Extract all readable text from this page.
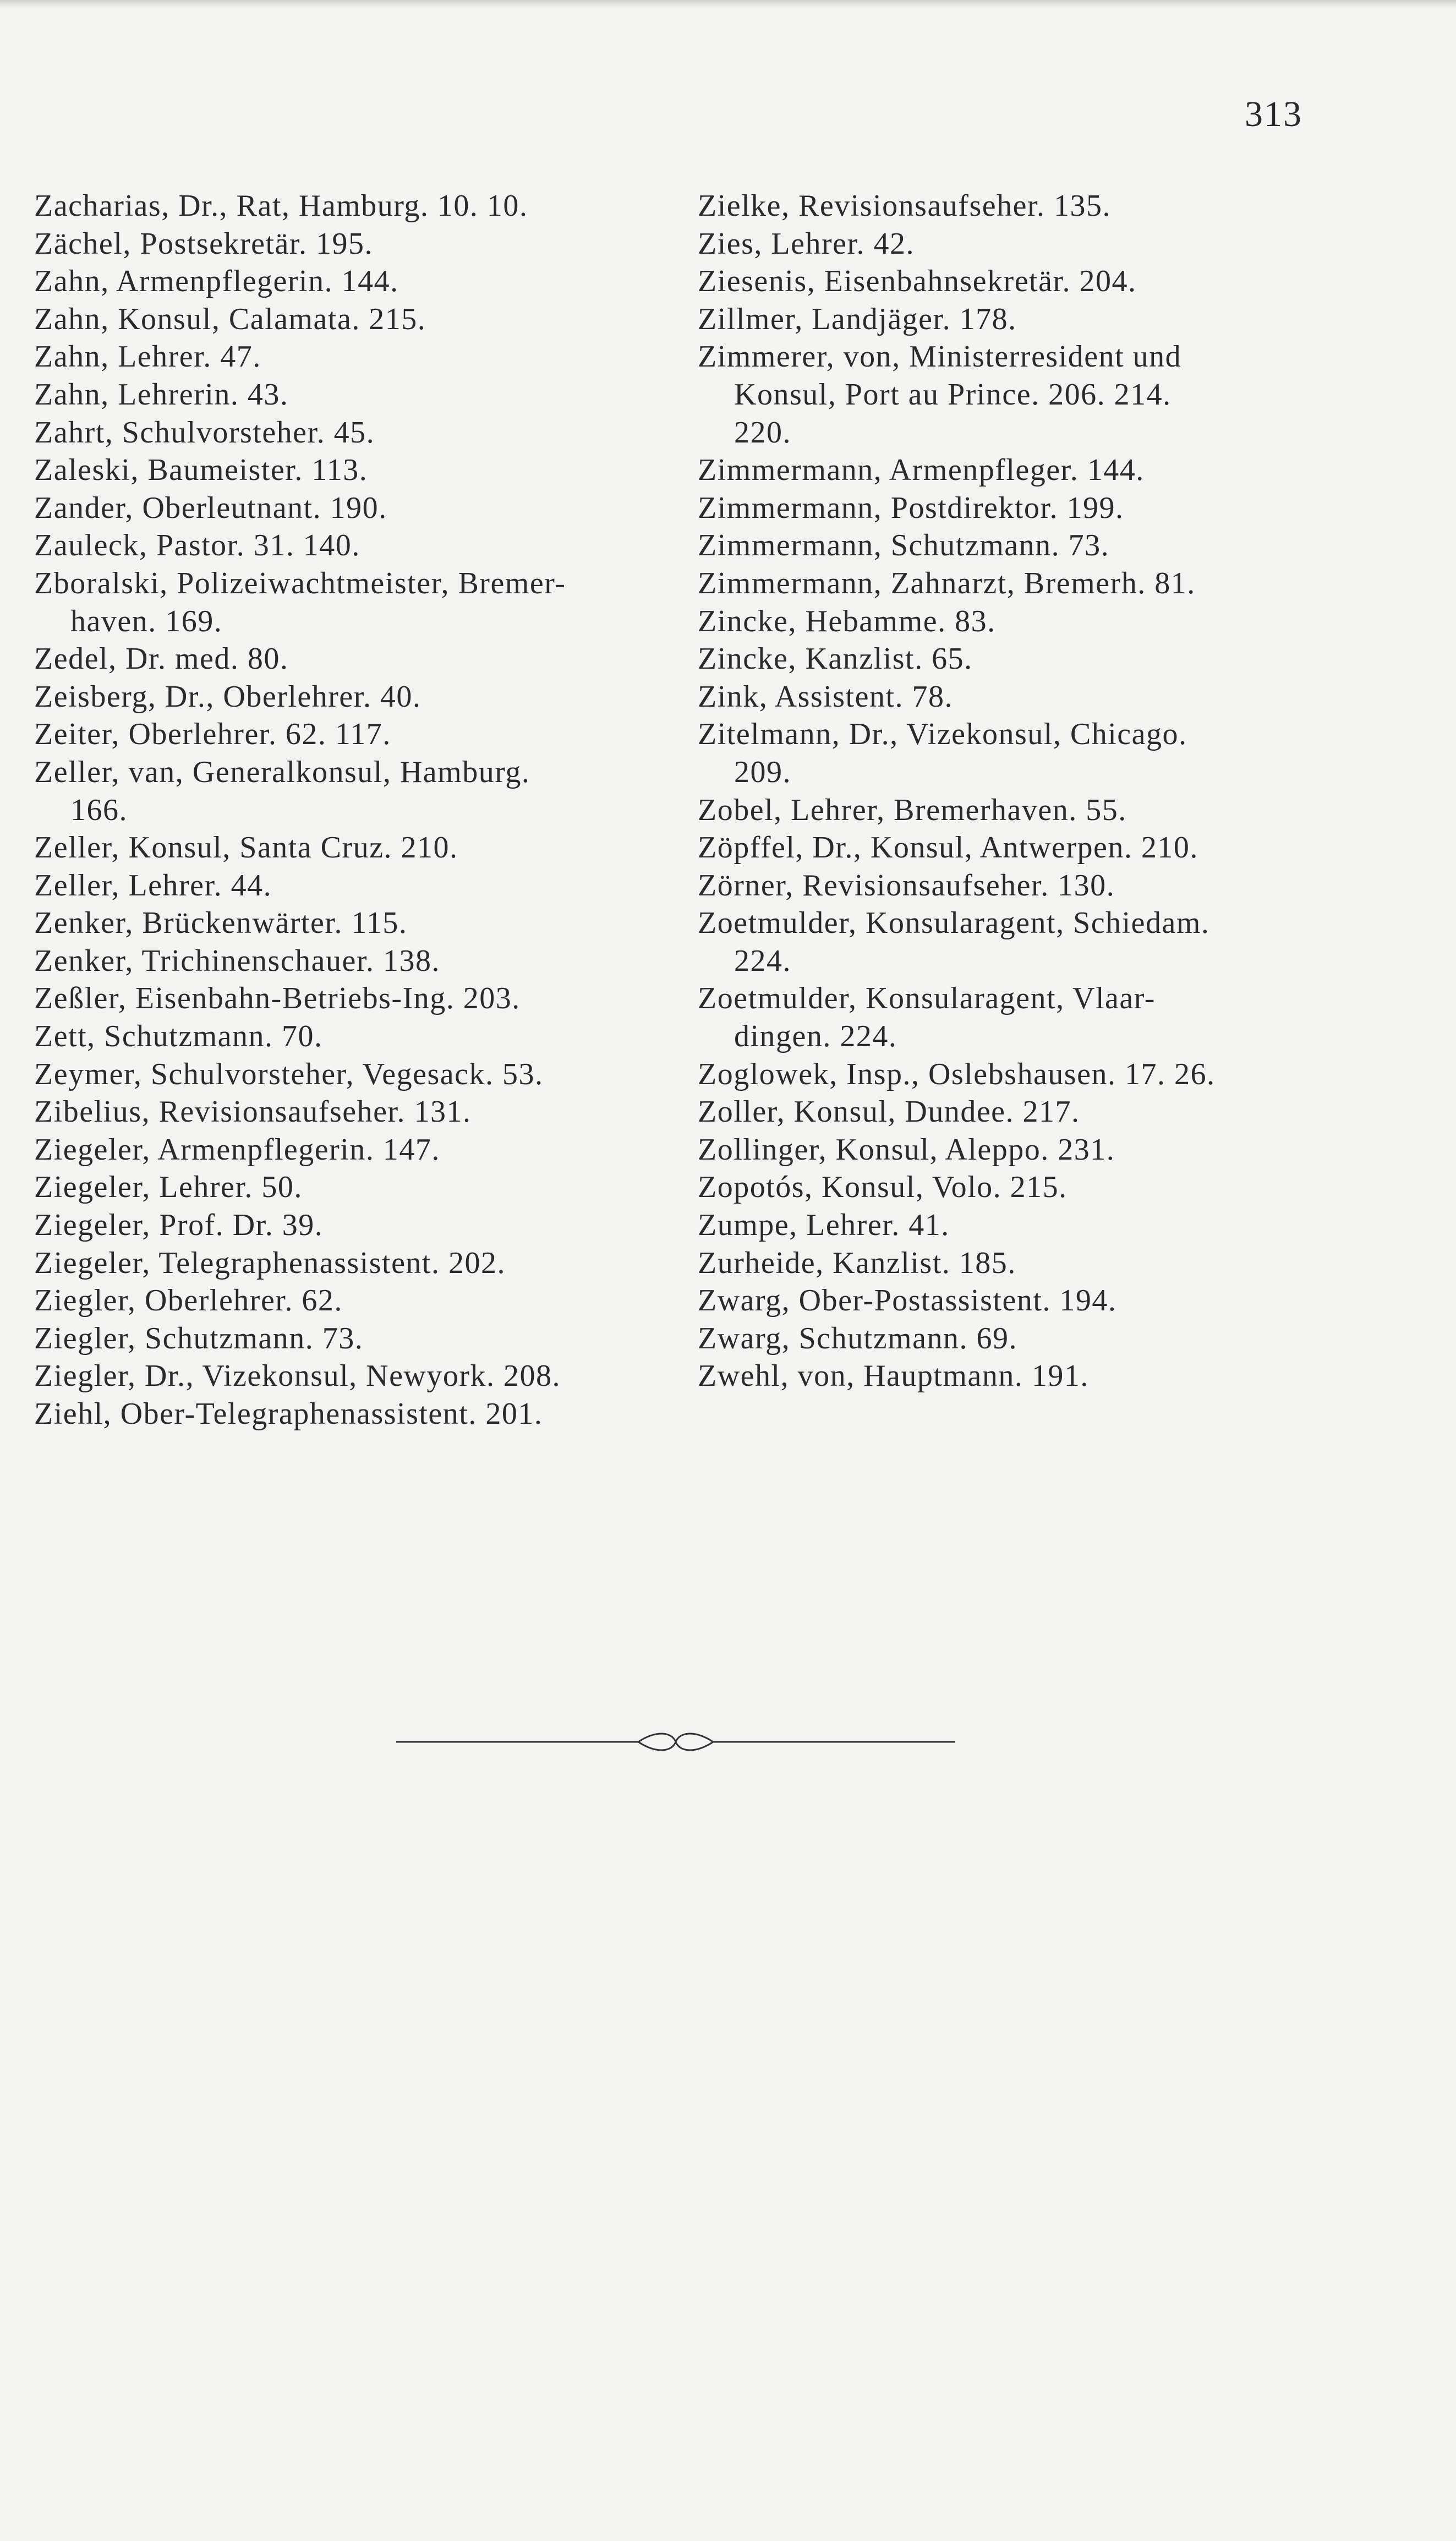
313
Zacharias, Dr., Rat, Hamburg. 10. 10.
Zächel, Postsekretär. 195.
Zahn, Armenpflegerin. 144.
Zahn, Konsul, Calamata. 215.
Zahn, Lehrer. 47.
Zahn, Lehrerin. 43.
Zahrt, Schulvorsteher. 45.
Zaleski, Baumeister. 113.
Zander, Oberleutnant. 190.
Zauleck, Pastor. 31. 140.
Zboralski, Polizeiwachtmeister, Bremer-
haven. 169.
Zedel, Dr. med. 80.
Zeisberg, Dr., Oberlehrer. 40.
Zeiter, Oberlehrer. 62. 117.
Zeller, van, Generalkonsul, Hamburg.
166.
Zeller, Konsul, Santa Cruz. 210.
Zeller, Lehrer. 44.
Zenker, Brückenwärter. 115.
Zenker, Trichinenschauer. 138.
Zeßler, Eisenbahn-Betriebs-Ing. 203.
Zett, Schutzmann. 70.
Zeymer, Schulvorsteher, Vegesack. 53.
Zibelius, Revisionsaufseher. 131.
Ziegeler, Armenpflegerin. 147.
Ziegeler, Lehrer. 50.
Ziegeler, Prof. Dr. 39.
Ziegeler, Telegraphenassistent. 202.
Ziegler, Oberlehrer. 62.
Ziegler, Schutzmann. 73.
Ziegler, Dr., Vizekonsul, Newyork. 208.
Ziehl, Ober-Telegraphenassistent. 201.
Zielke, Revisionsaufseher. 135.
Zies, Lehrer. 42.
Ziesenis, Eisenbahnsekretär. 204.
Zillmer, Landjäger. 178.
Zimmerer, von, Ministerresident und
Konsul, Port au Prince. 206. 214.
220.
Zimmermann, Armenpfleger. 144.
Zimmermann, Postdirektor. 199.
Zimmermann, Schutzmann. 73.
Zimmermann, Zahnarzt, Bremerh. 81.
Zincke, Hebamme. 83.
Zincke, Kanzlist. 65.
Zink, Assistent. 78.
Zitelmann, Dr., Vizekonsul, Chicago.
209.
Zobel, Lehrer, Bremerhaven. 55.
Zöpffel, Dr., Konsul, Antwerpen. 210.
Zörner, Revisionsaufseher. 130.
Zoetmulder, Konsularagent, Schiedam.
224.
Zoetmulder, Konsularagent, Vlaar-
dingen. 224.
Zoglowek, Insp., Oslebshausen. 17. 26.
Zoller, Konsul, Dundee. 217.
Zollinger, Konsul, Aleppo. 231.
Zopotós, Konsul, Volo. 215.
Zumpe, Lehrer. 41.
Zurheide, Kanzlist. 185.
Zwarg, Ober-Postassistent. 194.
Zwarg, Schutzmann. 69.
Zwehl, von, Hauptmann. 191.
